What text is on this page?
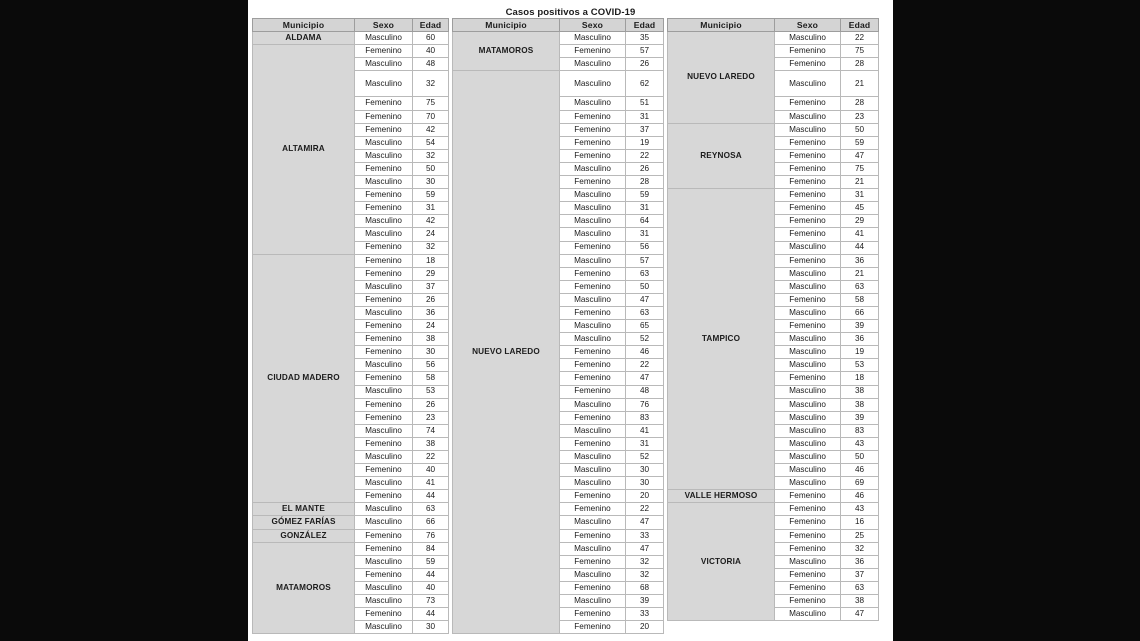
Casos positivos a COVID-19
Municipio	Sexo	Edad
ALDAMA	Masculino	60
ALTAMIRA	Femenino	40
	Masculino	48
	Masculino	32
	Femenino	75
	Femenino	70
	Femenino	42
	Masculino	54
	Masculino	32
	Femenino	50
	Masculino	30
	Femenino	59
	Femenino	31
	Masculino	42
	Masculino	24
	Femenino	32
CIUDAD MADERO	Femenino	18
	Femenino	29
	Masculino	37
	Femenino	26
	Masculino	36
	Femenino	24
	Femenino	38
	Femenino	30
	Masculino	56
	Femenino	58
	Masculino	53
	Femenino	26
	Femenino	23
	Masculino	74
	Femenino	38
	Masculino	22
	Femenino	40
	Masculino	41
	Femenino	44
EL MANTE	Masculino	63
GÓMEZ FARÍAS	Masculino	66
GONZÁLEZ	Femenino	76
MATAMOROS	Femenino	84
	Masculino	59
	Femenino	44
	Masculino	40
	Masculino	73
	Femenino	44
	Masculino	30
Municipio	Sexo	Edad
MATAMOROS	Masculino	35
	Femenino	57
	Masculino	26
NUEVO LAREDO	Masculino	62
	Masculino	51
	Femenino	31
	Femenino	37
	Femenino	19
	Femenino	22
	Masculino	26
	Femenino	28
	Masculino	59
	Masculino	31
	Masculino	64
	Masculino	31
	Femenino	56
	Masculino	57
	Femenino	63
	Femenino	50
	Masculino	47
	Femenino	63
	Masculino	65
	Masculino	52
	Femenino	46
	Femenino	22
	Femenino	47
	Femenino	48
	Masculino	76
	Femenino	83
	Masculino	41
	Femenino	31
	Masculino	52
	Masculino	30
	Masculino	30
	Femenino	20
	Femenino	22
	Masculino	47
	Femenino	33
	Masculino	47
	Femenino	32
	Masculino	32
	Femenino	68
	Masculino	39
	Femenino	33
	Femenino	20
Municipio	Sexo	Edad
NUEVO LAREDO	Masculino	22
	Femenino	75
	Femenino	28
	Masculino	21
	Femenino	28
	Masculino	23
REYNOSA	Masculino	50
	Femenino	59
	Femenino	47
	Femenino	75
	Femenino	21
TAMPICO	Femenino	31
	Femenino	45
	Femenino	29
	Femenino	41
	Masculino	44
	Femenino	36
	Masculino	21
	Masculino	63
	Femenino	58
	Masculino	66
	Femenino	39
	Masculino	36
	Masculino	19
	Masculino	53
	Femenino	18
	Masculino	38
	Masculino	38
	Masculino	39
	Masculino	83
	Masculino	43
	Masculino	50
	Masculino	46
	Masculino	69
VALLE HERMOSO	Femenino	46
VICTORIA	Femenino	43
	Femenino	16
	Femenino	25
	Femenino	32
	Masculino	36
	Femenino	37
	Femenino	63
	Femenino	38
	Masculino	47
